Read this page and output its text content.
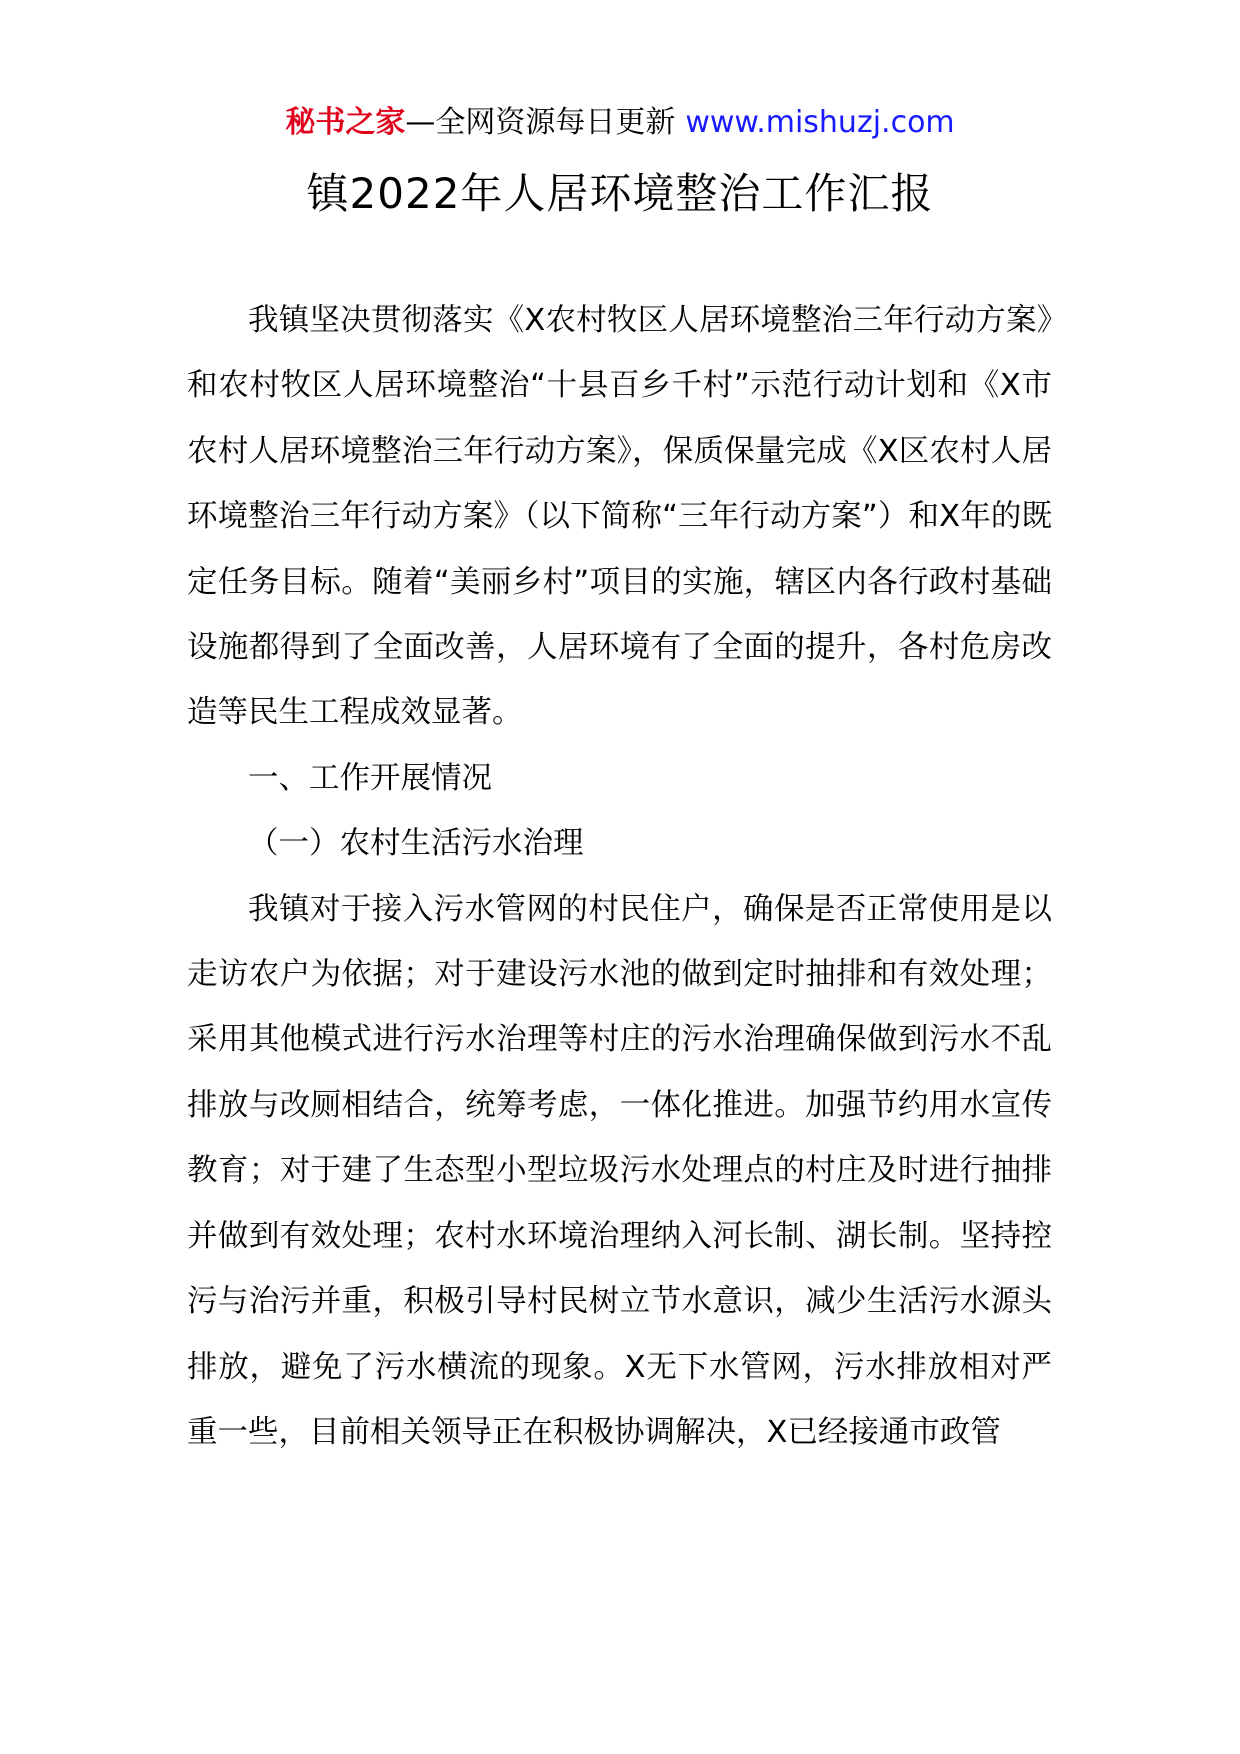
秘书之家—全网资源每日更新 www.mishuzj.com
镇2022年人居环境整治工作汇报

我镇坚决贯彻落实《X农村牧区人居环境整治三年行动方案》和农村牧区人居环境整治“十县百乡千村”示范行动计划和《X市农村人居环境整治三年行动方案》，保质保量完成《X区农村人居环境整治三年行动方案》（以下简称“三年行动方案”）和X年的既定任务目标。随着“美丽乡村”项目的实施，辖区内各行政村基础设施都得到了全面改善，人居环境有了全面的提升，各村危房改造等民生工程成效显著。

一、工作开展情况

（一）农村生活污水治理

我镇对于接入污水管网的村民住户，确保是否正常使用是以走访农户为依据；对于建设污水池的做到定时抽排和有效处理；采用其他模式进行污水治理等村庄的污水治理确保做到污水不乱排放与改厕相结合，统筹考虑，一体化推进。加强节约用水宣传教育；对于建了生态型小型垃圾污水处理点的村庄及时进行抽排并做到有效处理；农村水环境治理纳入河长制、湖长制。坚持控污与治污并重，积极引导村民树立节水意识，减少生活污水源头排放，避免了污水横流的现象。X无下水管网，污水排放相对严重一些，目前相关领导正在积极协调解决，X已经接通市政管
